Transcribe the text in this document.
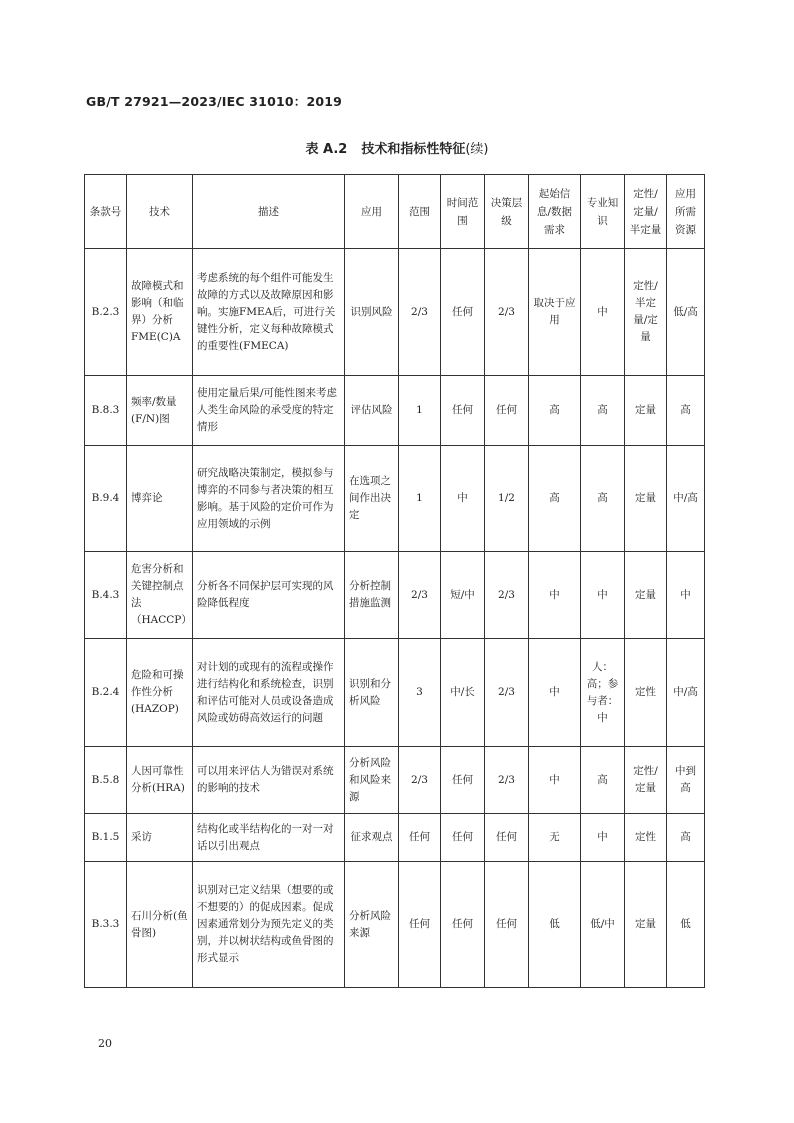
GB/T 27921—2023/IEC 31010：2019
表 A.2 技术和指标性特征(续)
条款号	技术	描述	应用	范围	时间范围	决策层级	起始信息/数据需求	专业知识	定性/定量/半定量	应用所需资源
B.2.3	故障模式和影响（和临界）分析FME(C)A	考虑系统的每个组件可能发生故障的方式以及故障原因和影响。实施FMEA后，可进行关键性分析，定义每种故障模式的重要性(FMECA)	识别风险	2/3	任何	2/3	取决于应用	中	定性/半定量/定量	低/高
B.8.3	频率/数量(F/N)图	使用定量后果/可能性图来考虑人类生命风险的承受度的特定情形	评估风险	1	任何	任何	高	高	定量	高
B.9.4	博弈论	研究战略决策制定，模拟参与博弈的不同参与者决策的相互影响。基于风险的定价可作为应用领域的示例	在选项之间作出决定	1	中	1/2	高	高	定量	中/高
B.4.3	危害分析和关键控制点法（HACCP）	分析各不同保护层可实现的风险降低程度	分析控制措施监测	2/3	短/中	2/3	中	中	定量	中
B.2.4	危险和可操作性分析(HAZOP)	对计划的或现有的流程或操作进行结构化和系统检查，识别和评估可能对人员或设备造成风险或妨碍高效运行的问题	识别和分析风险	3	中/长	2/3	中	人：高；参与者：中	定性	中/高
B.5.8	人因可靠性分析(HRA)	可以用来评估人为错误对系统的影响的技术	分析风险和风险来源	2/3	任何	2/3	中	高	定性/定量	中到高
B.1.5	采访	结构化或半结构化的一对一对话以引出观点	征求观点	任何	任何	任何	无	中	定性	高
B.3.3	石川分析(鱼骨图)	识别对已定义结果（想要的或不想要的）的促成因素。促成因素通常划分为预先定义的类别，并以树状结构或鱼骨图的形式显示	分析风险来源	任何	任何	任何	低	低/中	定量	低
20
